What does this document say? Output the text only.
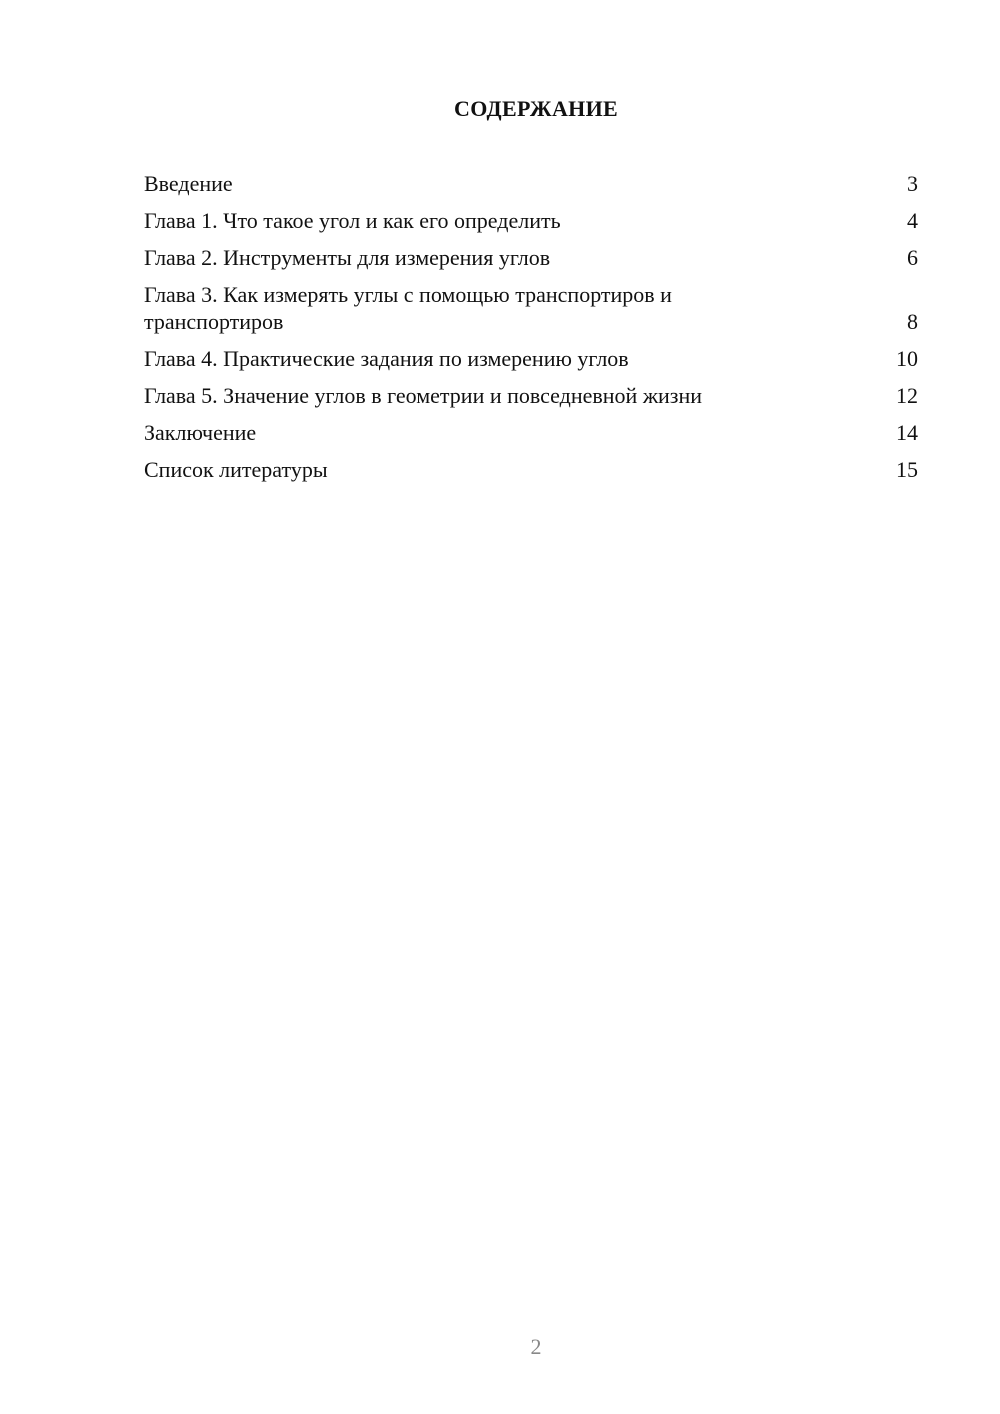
СОДЕРЖАНИЕ
Введение	3
Глава 1. Что такое угол и как его определить	4
Глава 2. Инструменты для измерения углов	6
Глава 3. Как измерять углы с помощью транспортиров и транспортиров	8
Глава 4. Практические задания по измерению углов	10
Глава 5. Значение углов в геометрии и повседневной жизни	12
Заключение	14
Список литературы	15
2
